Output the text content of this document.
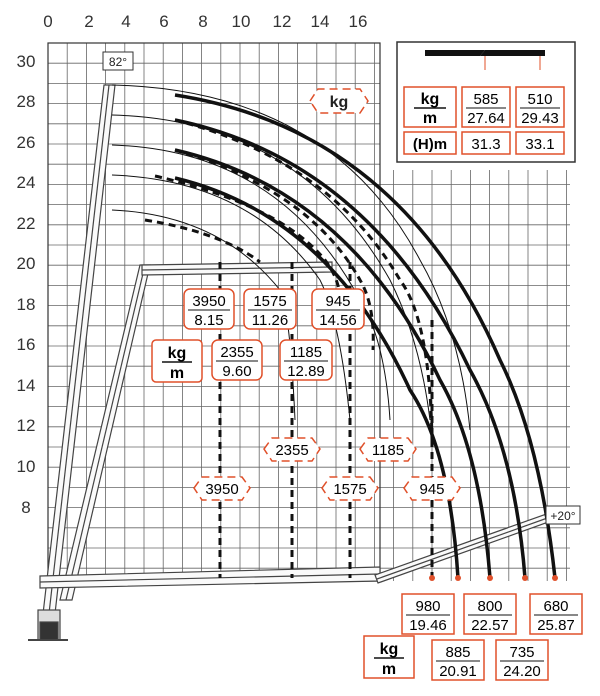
0 2 4 6 8 10 12 14 16
30
28
26
24
22
20
18
16
14
12
10
8
82°
+20°
kg	kg
m
585
27.64
510
29.43
(H)m 31.3 33.1
kg
m
3950
8.15
1575
11.26
945
14.56
2355
9.60
1185
12.89
3950
2355
1575
1185
945
980
19.46
800
22.57
680
25.87
885
20.91
735
24.20
kg
m
